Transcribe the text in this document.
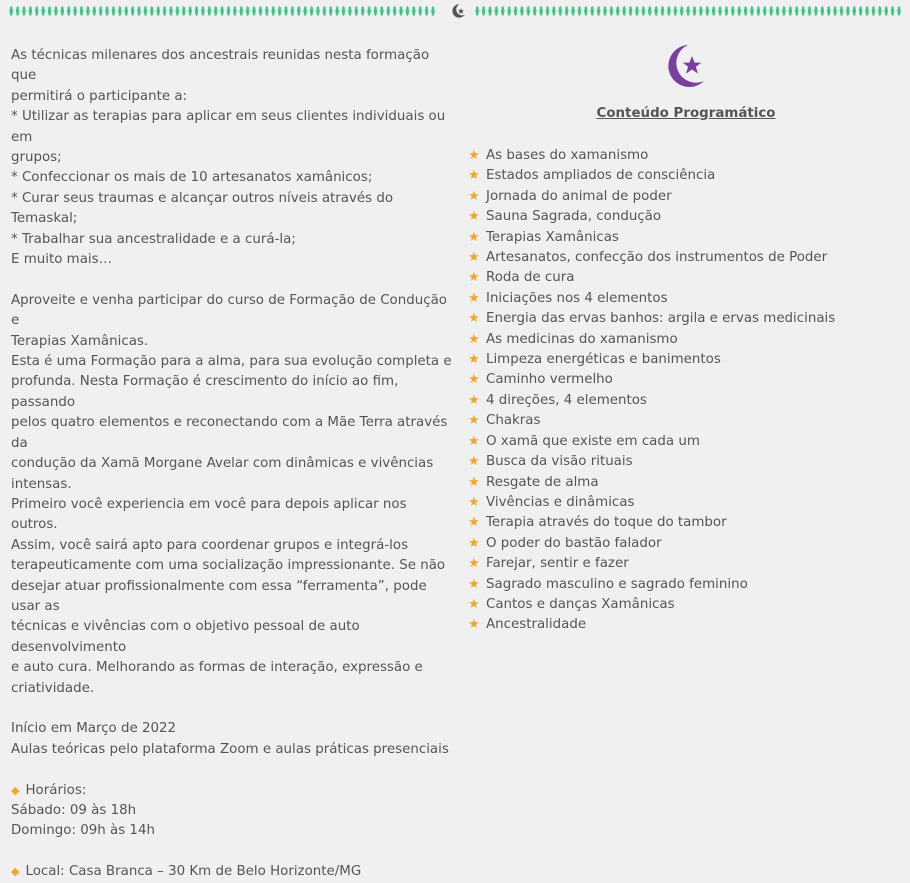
As técnicas milenares dos ancestrais reunidas nesta formação que

permitirá o participante a:

* Utilizar as terapias para aplicar em seus clientes individuais ou em

grupos;

* Confeccionar os mais de 10 artesanatos xamânicos;

* Curar seus traumas e alcançar outros níveis através do Temaskal;

* Trabalhar sua ancestralidade e a curá-la;

E muito mais…

Aproveite e venha participar do curso de Formação de Condução e

Terapias Xamânicas.

Esta é uma Formação para a alma, para sua evolução completa e

profunda. Nesta Formação é crescimento do início ao fim, passando

pelos quatro elementos e reconectando com a Mãe Terra através da

condução da Xamã Morgane Avelar com dinâmicas e vivências

intensas.

Primeiro você experiencia em você para depois aplicar nos outros.

Assim, você sairá apto para coordenar grupos e integrá-los

terapeuticamente com uma socialização impressionante. Se não

desejar atuar profissionalmente com essa “ferramenta”, pode usar as

técnicas e vivências com o objetivo pessoal de auto desenvolvimento

e auto cura. Melhorando as formas de interação, expressão e

criatividade.

Início em Março de 2022

Aulas teóricas pelo plataforma Zoom e aulas práticas presenciais

◆ Horários:

Sábado: 09 às 18h

Domingo: 09h às 14h

◆ Local: Casa Branca – 30 Km de Belo Horizonte/MG

Conteúdo Programático
★ As bases do xamanismo
★ Estados ampliados de consciência
★ Jornada do animal de poder
★ Sauna Sagrada, condução
★ Terapias Xamânicas
★ Artesanatos, confecção dos instrumentos de Poder
★ Roda de cura
★ Iniciações nos 4 elementos
★ Energia das ervas banhos: argila e ervas medicinais
★ As medicinas do xamanismo
★ Limpeza energéticas e banimentos
★ Caminho vermelho
★ 4 direções, 4 elementos
★ Chakras
★ O xamã que existe em cada um
★ Busca da visão rituais
★ Resgate de alma
★ Vivências e dinâmicas
★ Terapia através do toque do tambor
★ O poder do bastão falador
★ Farejar, sentir e fazer
★ Sagrado masculino e sagrado feminino
★ Cantos e danças Xamânicas
★ Ancestralidade
